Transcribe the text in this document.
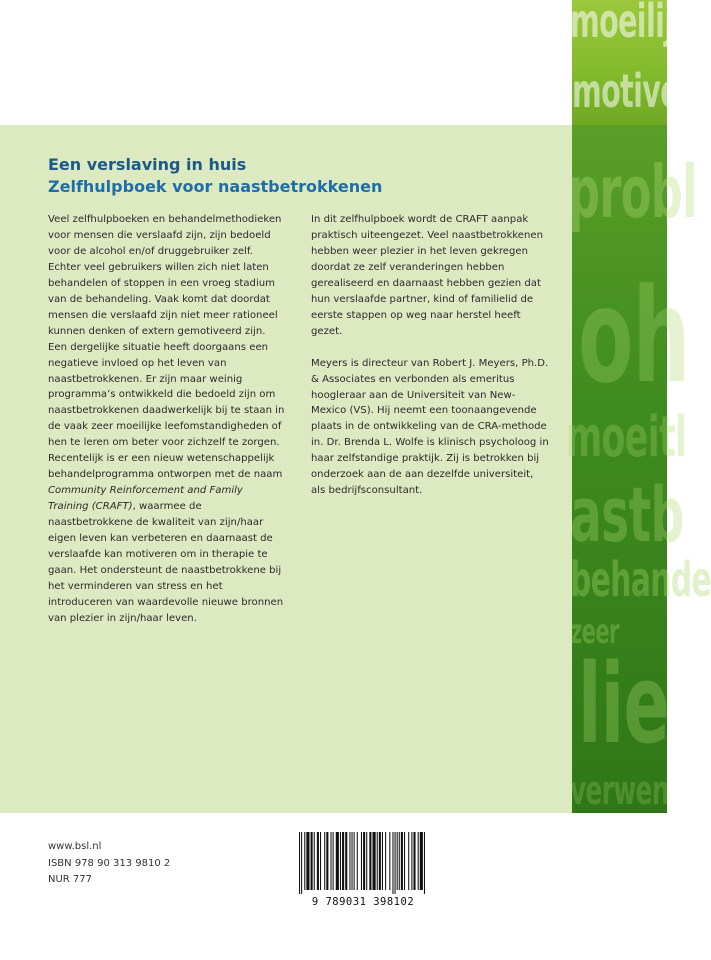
moeilijk
motive
probl
oh
moeitl
astb
behande
zeer
lie
verwen
Een verslaving in huis
Zelfhulpboek voor naastbetrokkenen

Veel zelfhulpboeken en behandelmethodieken voor mensen die verslaafd zijn, zijn bedoeld voor de alcohol en/of druggebruiker zelf. Echter veel gebruikers willen zich niet laten behandelen of stoppen in een vroeg stadium van de behandeling. Vaak komt dat doordat mensen die verslaafd zijn niet meer rationeel kunnen denken of extern gemotiveerd zijn. Een dergelijke situatie heeft doorgaans een negatieve invloed op het leven van naastbetrokkenen. Er zijn maar weinig programma’s ontwikkeld die bedoeld zijn om naastbetrokkenen daadwerkelijk bij te staan in de vaak zeer moeilijke leefomstandigheden of hen te leren om beter voor zichzelf te zorgen. Recentelijk is er een nieuw wetenschappelijk behandelprogramma ontworpen met de naam Community Reinforcement and Family Training (CRAFT), waarmee de naastbetrokkene de kwaliteit van zijn/haar eigen leven kan verbeteren en daarnaast de verslaafde kan motiveren om in therapie te gaan. Het ondersteunt de naastbetrokkene bij het verminderen van stress en het introduceren van waardevolle nieuwe bronnen van plezier in zijn/haar leven.

In dit zelfhulpboek wordt de CRAFT aanpak praktisch uiteengezet. Veel naastbetrokkenen hebben weer plezier in het leven gekregen doordat ze zelf veranderingen hebben gerealiseerd en daarnaast hebben gezien dat hun verslaafde partner, kind of familielid de eerste stappen op weg naar herstel heeft gezet.

Meyers is directeur van Robert J. Meyers, Ph.D. & Associates en verbonden als emeritus hoogleraar aan de Universiteit van New-Mexico (VS). Hij neemt een toonaangevende plaats in de ontwikkeling van de CRA-methode in. Dr. Brenda L. Wolfe is klinisch psycholoog in haar zelfstandige praktijk. Zij is betrokken bij onderzoek aan de aan dezelfde universiteit, als bedrijfsconsultant.

www.bsl.nl
ISBN 978 90 313 9810 2
NUR 777
9 789031 398102
